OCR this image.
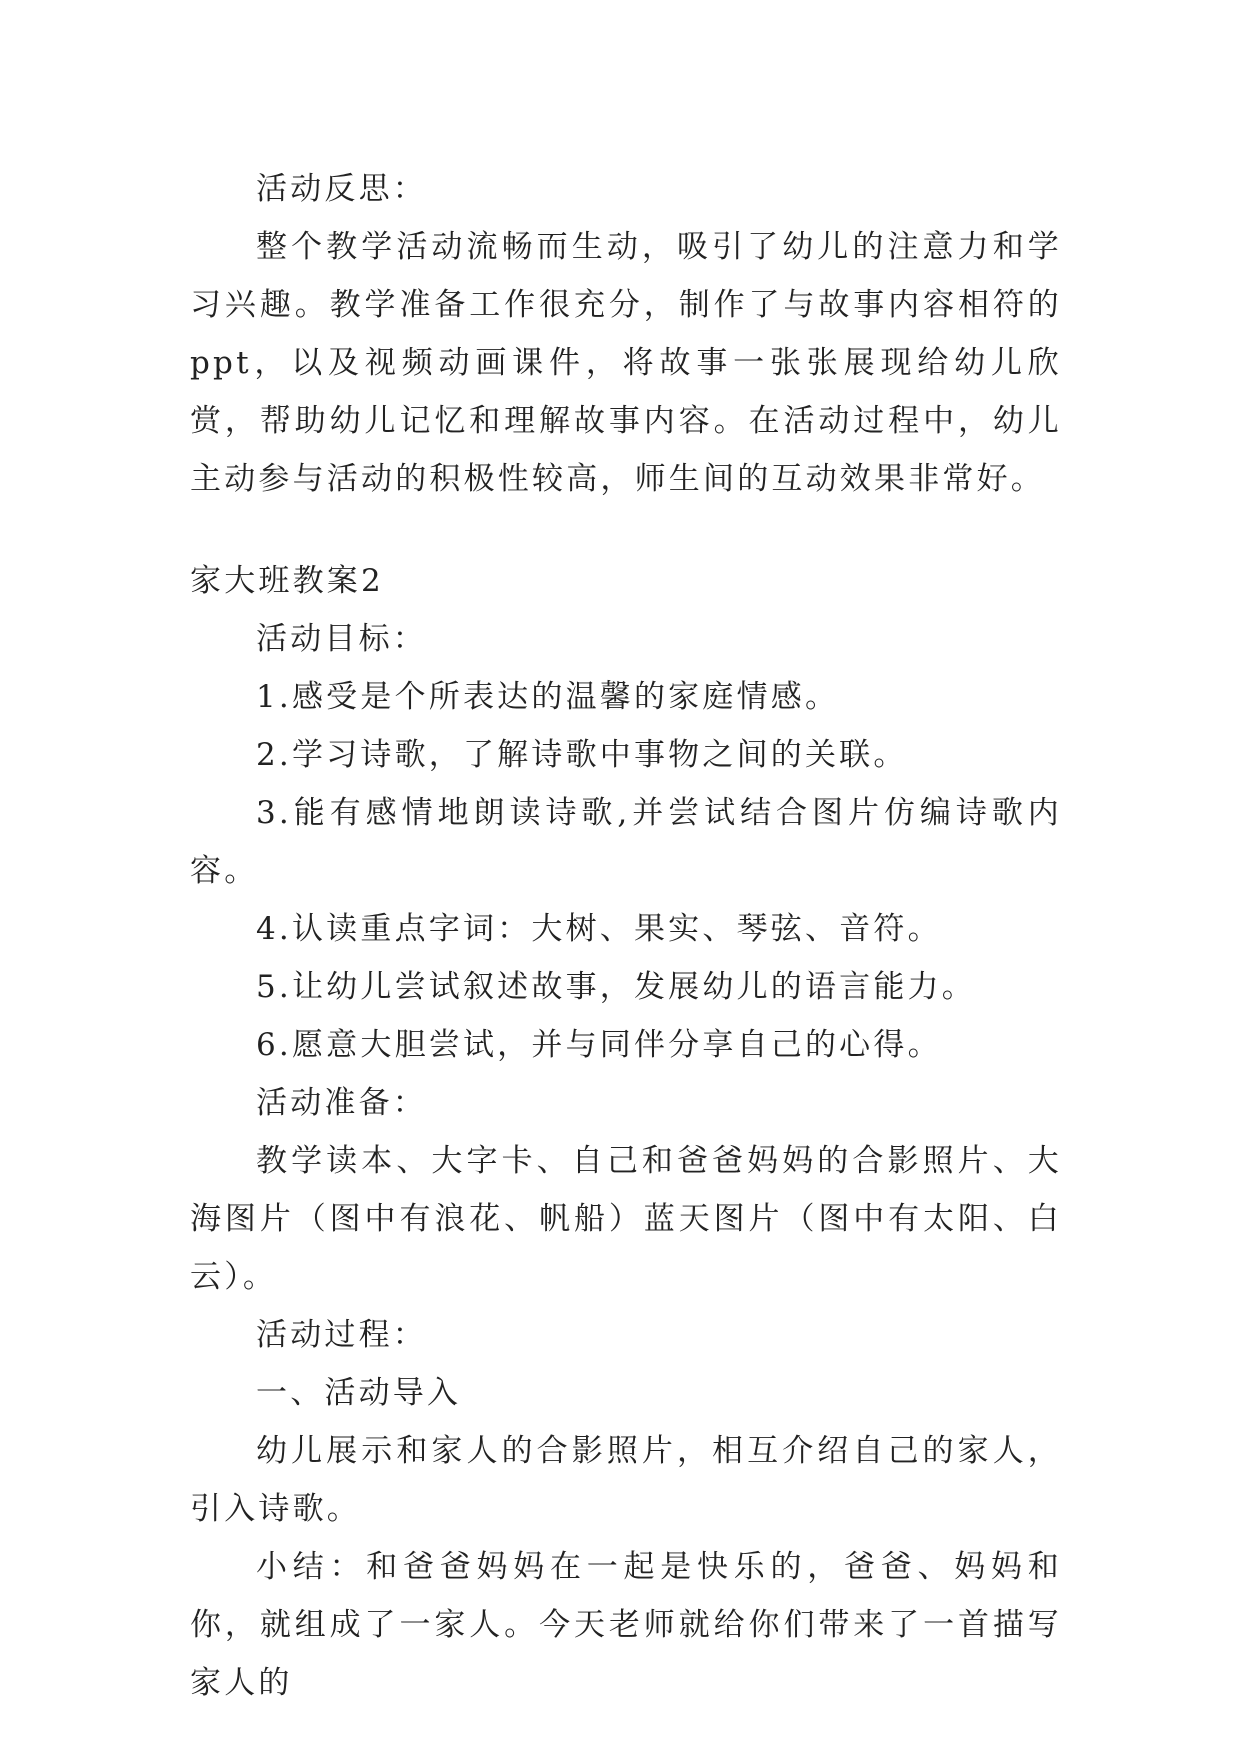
活动反思：

整个教学活动流畅而生动，吸引了幼儿的注意力和学习兴趣。教学准备工作很充分，制作了与故事内容相符的ppt，以及视频动画课件，将故事一张张展现给幼儿欣赏，帮助幼儿记忆和理解故事内容。在活动过程中，幼儿主动参与活动的积极性较高，师生间的互动效果非常好。

家大班教案2

活动目标：

1.感受是个所表达的温馨的家庭情感。

2.学习诗歌，了解诗歌中事物之间的关联。

3.能有感情地朗读诗歌,并尝试结合图片仿编诗歌内容。

4.认读重点字词：大树、果实、琴弦、音符。

5.让幼儿尝试叙述故事，发展幼儿的语言能力。

6.愿意大胆尝试，并与同伴分享自己的心得。

活动准备：

教学读本、大字卡、自己和爸爸妈妈的合影照片、大海图片（图中有浪花、帆船）蓝天图片（图中有太阳、白云）。

活动过程：

一、活动导入

幼儿展示和家人的合影照片，相互介绍自己的家人，引入诗歌。

小结：和爸爸妈妈在一起是快乐的，爸爸、妈妈和你，就组成了一家人。今天老师就给你们带来了一首描写家人的
